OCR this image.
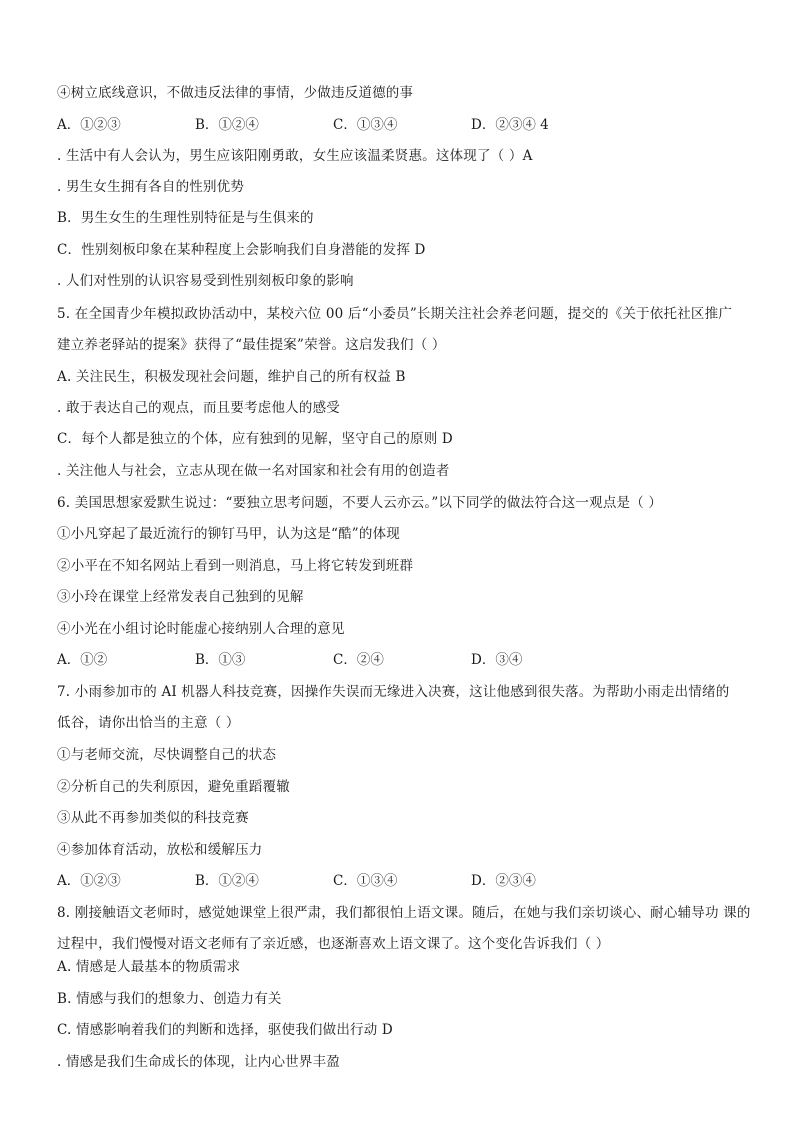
④树立底线意识，不做违反法律的事情，少做违反道德的事
A．①②③	B．①②④	C．①③④	D．②③④ 4
. 生活中有人会认为，男生应该阳刚勇敢，女生应该温柔贤惠。这体现了（ ）A
. 男生女生拥有各自的性别优势
B．男生女生的生理性别特征是与生俱来的
C．性别刻板印象在某种程度上会影响我们自身潜能的发挥 D
. 人们对性别的认识容易受到性别刻板印象的影响
5. 在全国青少年模拟政协活动中，某校六位 00 后“小委员”长期关注社会养老问题，提交的《关于依托社区推广
建立养老驿站的提案》获得了“最佳提案”荣誉。这启发我们（ ）
A. 关注民生，积极发现社会问题，维护自己的所有权益 B
. 敢于表达自己的观点，而且要考虑他人的感受
C．每个人都是独立的个体，应有独到的见解，坚守自己的原则 D
. 关注他人与社会，立志从现在做一名对国家和社会有用的创造者
6. 美国思想家爱默生说过：“要独立思考问题，不要人云亦云。”以下同学的做法符合这一观点是（ ）
①小凡穿起了最近流行的铆钉马甲，认为这是“酷”的体现
②小平在不知名网站上看到一则消息，马上将它转发到班群
③小玲在课堂上经常发表自己独到的见解
④小光在小组讨论时能虚心接纳别人合理的意见
A．①②	B．①③	C．②④	D．③④
7. 小雨参加市的 AI 机器人科技竞赛，因操作失误而无缘进入决赛，这让他感到很失落。为帮助小雨走出情绪的
低谷，请你出恰当的主意（ ）
①与老师交流，尽快调整自己的状态
②分析自己的失利原因，避免重蹈覆辙
③从此不再参加类似的科技竞赛
④参加体育活动，放松和缓解压力
A．①②③	B．①②④	C．①③④	D．②③④
8. 刚接触语文老师时，感觉她课堂上很严肃，我们都很怕上语文课。随后，在她与我们亲切谈心、耐心辅导功 课的
过程中，我们慢慢对语文老师有了亲近感，也逐渐喜欢上语文课了。这个变化告诉我们（ ）
A. 情感是人最基本的物质需求
B. 情感与我们的想象力、创造力有关
C. 情感影响着我们的判断和选择，驱使我们做出行动 D
. 情感是我们生命成长的体现，让内心世界丰盈
